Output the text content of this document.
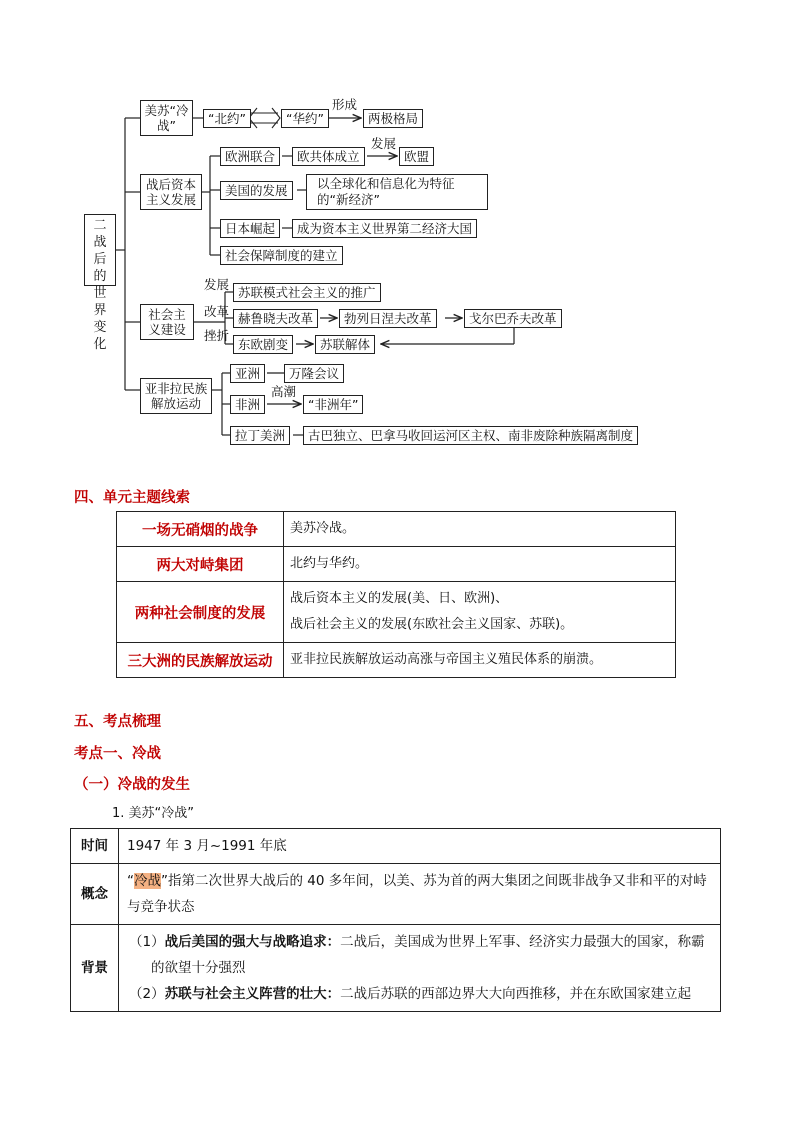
二战后的世界变化
美苏“冷战”	“北约”	“华约”
形成
两极格局
战后资本主义发展
欧洲联合	欧共体成立
发展
欧盟
美国的发展	以全球化和信息化为特征的“新经济”
日本崛起	成为资本主义世界第二经济大国
社会保障制度的建立
社会主义建设
发展
苏联模式社会主义的推广
改革 赫鲁晓夫改革	勃列日涅夫改革	戈尔巴乔夫改革
挫折
东欧剧变	苏联解体
亚非拉民族解放运动
亚洲	万隆会议
非洲
高潮
“非洲年”
拉丁美洲	古巴独立、巴拿马收回运河区主权、南非废除种族隔离制度
四、单元主题线索
一场无硝烟的战争	美苏冷战。
两大对峙集团	北约与华约。
两种社会制度的发展	战后资本主义的发展(美、日、欧洲)、
战后社会主义的发展(东欧社会主义国家、苏联)。

三大洲的民族解放运动	亚非拉民族解放运动高涨与帝国主义殖民体系的崩溃。
五、考点梳理
考点一、冷战
（一）冷战的发生
1. 美苏“冷战”
时间	1947 年 3 月~1991 年底
概念	“冷战”指第二次世界大战后的 40 多年间，以美、苏为首的两大集团之间既非战争又非和平的对峙与竞争状态
背景	（1）战后美国的强大与战略追求：二战后，美国成为世界上军事、经济实力最强大的国家，称霸的欲望十分强烈
（2）苏联与社会主义阵营的壮大：二战后苏联的西部边界大大向西推移，并在东欧国家建立起
